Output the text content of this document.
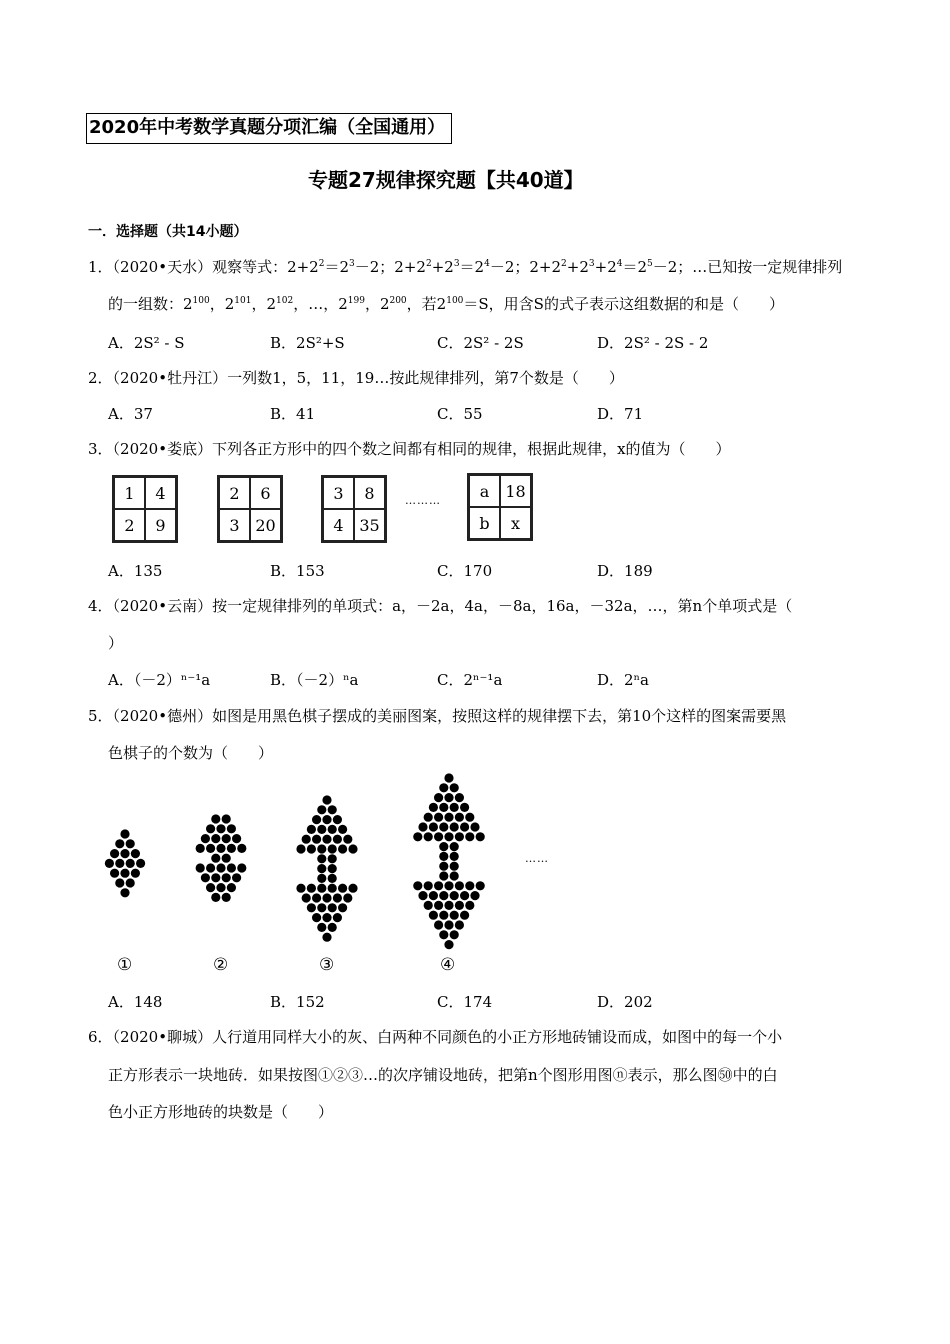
2020年中考数学真题分项汇编（全国通用）
专题27规律探究题【共40道】
一．选择题（共14小题）
1．（2020•天水）观察等式：$2+2^2=2^3-2$；$2+2^2+2^3=2^4-2$；$2+2^2+2^3+2^4=2^5-2$；…已知按一定规律排列
的一组数：$2^{100}$，$2^{101}$，$2^{102}$，…，$2^{199}$，$2^{200}$，若$2^{100}=S$，用含S的式子表示这组数据的和是（　　）
A．2S² - S	B．2S²+S	C．2S² - 2S	D．2S² - 2S - 2
2．（2020•牡丹江）一列数1，5，11，19…按此规律排列，第7个数是（　　）
A．37	B．41	C．55	D．71
3．（2020•娄底）下列各正方形中的四个数之间都有相同的规律，根据此规律，x的值为（　　）
1	4
2	9
2	6
3 20
3	8
4 35
………	a	18
b	x
A．135	B．153	C．170	D．189
4．（2020•云南）按一定规律排列的单项式：a，－2a，4a，－8a，16a，－32a，…，第n个单项式是（
）
A．（－2）ⁿ⁻¹a	B．（－2）ⁿa	C．2ⁿ⁻¹a	D．2ⁿa
5．（2020•德州）如图是用黑色棋子摆成的美丽图案，按照这样的规律摆下去，第10个这样的图案需要黑
色棋子的个数为（　　）
①	②	③	④
……
A．148	B．152	C．174	D．202
6．（2020•聊城）人行道用同样大小的灰、白两种不同颜色的小正方形地砖铺设而成，如图中的每一个小
正方形表示一块地砖．如果按图①②③…的次序铺设地砖，把第n个图形用图ⓝ表示，那么图㊿中的白
色小正方形地砖的块数是（　　）
